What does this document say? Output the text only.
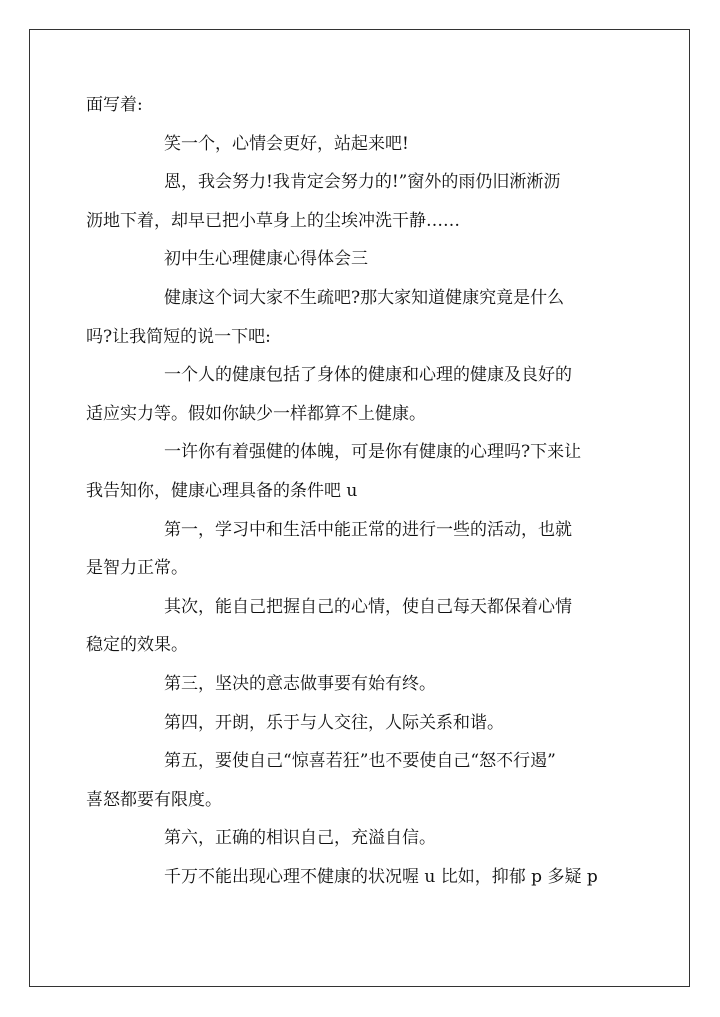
面写着:
笑一个，心情会更好，站起来吧!
恩，我会努力!我肯定会努力的!”窗外的雨仍旧淅淅沥
沥地下着，却早已把小草身上的尘埃冲洗干静……
初中生心理健康心得体会三
健康这个词大家不生疏吧?那大家知道健康究竟是什么
吗?让我简短的说一下吧:
一个人的健康包括了身体的健康和心理的健康及良好的
适应实力等。假如你缺少一样都算不上健康。
一许你有着强健的体魄，可是你有健康的心理吗?下来让
我告知你，健康心理具备的条件吧 u
第一，学习中和生活中能正常的进行一些的活动，也就
是智力正常。
其次，能自己把握自己的心情，使自己每天都保着心情
稳定的效果。
第三，坚决的意志做事要有始有终。
第四，开朗，乐于与人交往，人际关系和谐。
第五，要使自己“惊喜若狂”也不要使自己“怒不行遏”
喜怒都要有限度。
第六，正确的相识自己，充溢自信。
千万不能出现心理不健康的状况喔 u 比如，抑郁 p 多疑 p
